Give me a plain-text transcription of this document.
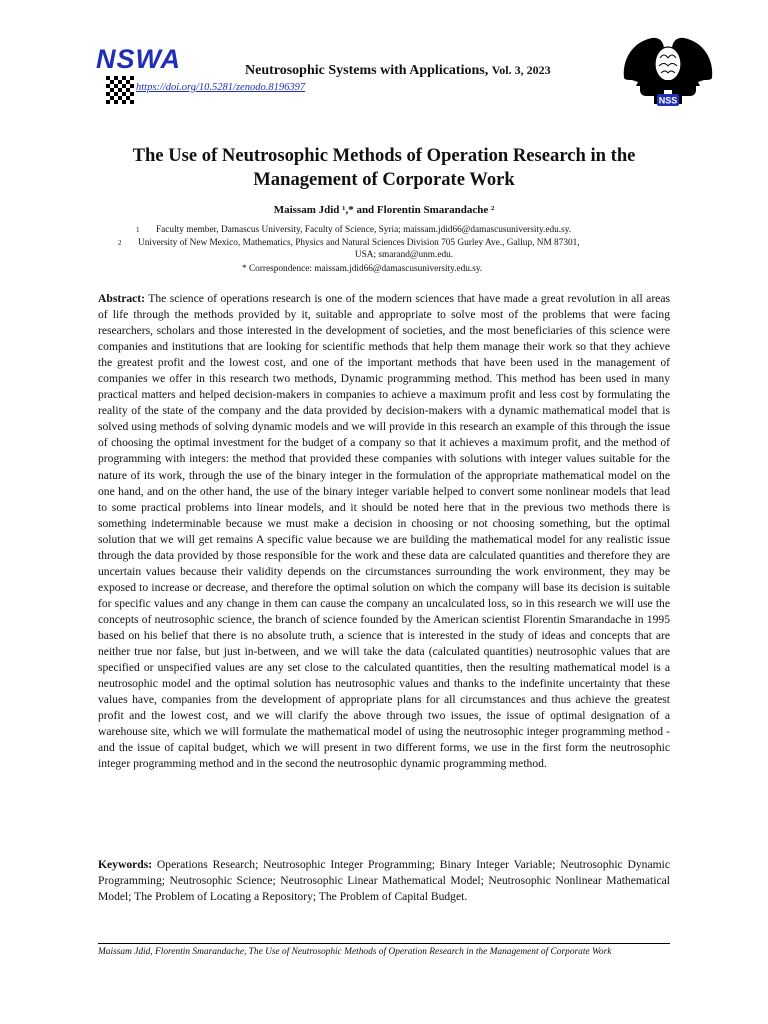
NSWA	Neutrosophic Systems with Applications, Vol. 3, 2023
https://doi.org/10.5281/zenodo.8196397
NSS
The Use of Neutrosophic Methods of Operation Research in the
Management of Corporate Work
Maissam Jdid ¹,* and Florentin Smarandache ²
1 Faculty member, Damascus University, Faculty of Science, Syria; maissam.jdid66@damascusuniversity.edu.sy.
2 University of New Mexico, Mathematics, Physics and Natural Sciences Division 705 Gurley Ave., Gallup, NM 87301,
USA; smarand@unm.edu.
* Correspondence: maissam.jdid66@damascusuniversity.edu.sy.
Abstract: The science of operations research is one of the modern sciences that have made a great revolution in all areas of life through the methods provided by it, suitable and appropriate to solve most of the problems that were facing researchers, scholars and those interested in the development of societies, and the most beneficiaries of this science were companies and institutions that are looking for scientific methods that help them manage their work so that they achieve the greatest profit and the lowest cost, and one of the important methods that have been used in the management of companies we offer in this research two methods, Dynamic programming method. This method has been used in many practical matters and helped decision-makers in companies to achieve a maximum profit and less cost by formulating the reality of the state of the company and the data provided by decision-makers with a dynamic mathematical model that is solved using methods of solving dynamic models and we will provide in this research an example of this through the issue of choosing the optimal investment for the budget of a company so that it achieves a maximum profit, and the method of programming with integers: the method that provided these companies with solutions with integer values suitable for the nature of its work, through the use of the binary integer in the formulation of the appropriate mathematical model on the one hand, and on the other hand, the use of the binary integer variable helped to convert some nonlinear models that lead to some practical problems into linear models, and it should be noted here that in the previous two methods there is something indeterminable because we must make a decision in choosing or not choosing something, but the optimal solution that we will get remains A specific value because we are building the mathematical model for any realistic issue through the data provided by those responsible for the work and these data are calculated quantities and therefore they are uncertain values because their validity depends on the circumstances surrounding the work environment, they may be exposed to increase or decrease, and therefore the optimal solution on which the company will base its decision is suitable for specific values and any change in them can cause the company an uncalculated loss, so in this research we will use the concepts of neutrosophic science, the branch of science founded by the American scientist Florentin Smarandache in 1995 based on his belief that there is no absolute truth, a science that is interested in the study of ideas and concepts that are neither true nor false, but just in-between, and we will take the data (calculated quantities) neutrosophic values that are specified or unspecified values are any set close to the calculated quantities, then the resulting mathematical model is a neutrosophic model and the optimal solution has neutrosophic values and thanks to the indefinite uncertainty that these values have, companies from the development of appropriate plans for all circumstances and thus achieve the greatest profit and the lowest cost, and we will clarify the above through two issues, the issue of optimal designation of a warehouse site, which we will formulate the mathematical model of using the neutrosophic integer programming method - and the issue of capital budget, which we will present in two different forms, we use in the first form the neutrosophic integer programming method and in the second the neutrosophic dynamic programming method.
Keywords: Operations Research; Neutrosophic Integer Programming; Binary Integer Variable; Neutrosophic Dynamic Programming; Neutrosophic Science; Neutrosophic Linear Mathematical Model; Neutrosophic Nonlinear Mathematical Model; The Problem of Locating a Repository; The Problem of Capital Budget.
Maissam Jdid, Florentin Smarandache, The Use of Neutrosophic Methods of Operation Research in the Management of Corporate Work
